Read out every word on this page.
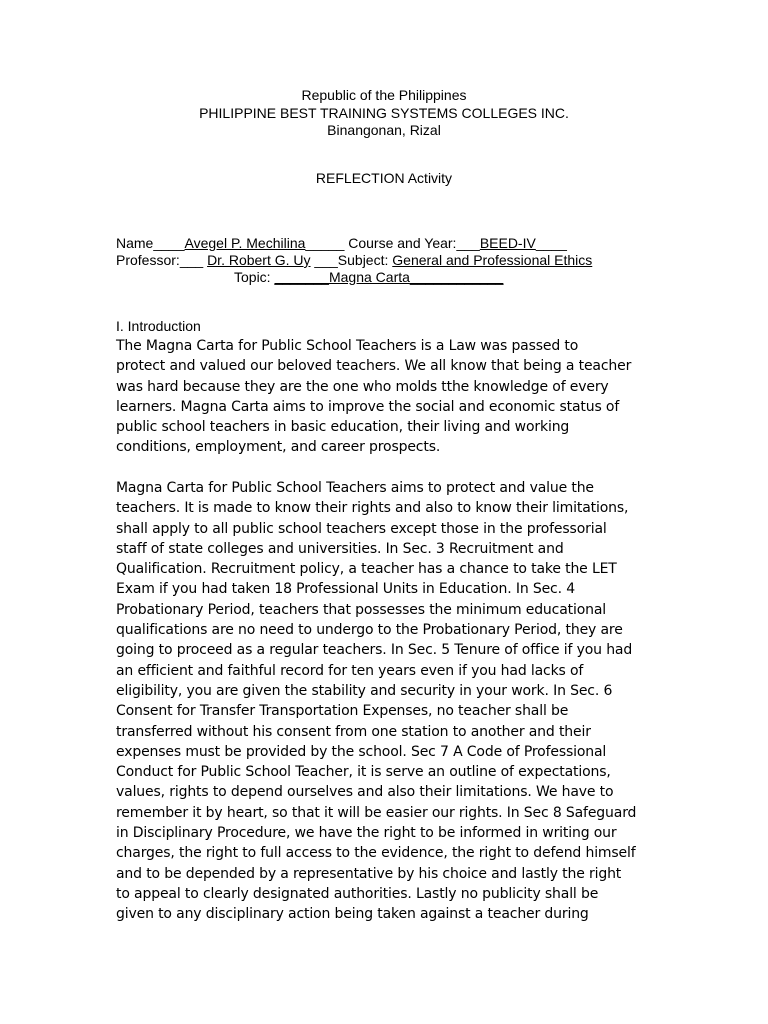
Republic of the Philippines
PHILIPPINE BEST TRAINING SYSTEMS COLLEGES INC.
Binangonan, Rizal
REFLECTION Activity
Name____Avegel P. Mechilina_____ Course and Year:___BEED-IV____
Professor:___ Dr. Robert G. Uy ___Subject: General and Professional Ethics
Topic: _______Magna Carta____________
I. Introduction
The Magna Carta for Public School Teachers is a Law was passed to
protect and valued our beloved teachers. We all know that being a teacher
was hard because they are the one who molds tthe knowledge of every
learners. Magna Carta aims to improve the social and economic status of
public school teachers in basic education, their living and working
conditions, employment, and career prospects.
Magna Carta for Public School Teachers aims to protect and value the
teachers. It is made to know their rights and also to know their limitations,
shall apply to all public school teachers except those in the professorial
staff of state colleges and universities. In Sec. 3 Recruitment and
Qualification. Recruitment policy, a teacher has a chance to take the LET
Exam if you had taken 18 Professional Units in Education. In Sec. 4
Probationary Period, teachers that possesses the minimum educational
qualifications are no need to undergo to the Probationary Period, they are
going to proceed as a regular teachers. In Sec. 5 Tenure of office if you had
an efficient and faithful record for ten years even if you had lacks of
eligibility, you are given the stability and security in your work. In Sec. 6
Consent for Transfer Transportation Expenses, no teacher shall be
transferred without his consent from one station to another and their
expenses must be provided by the school. Sec 7 A Code of Professional
Conduct for Public School Teacher, it is serve an outline of expectations,
values, rights to depend ourselves and also their limitations. We have to
remember it by heart, so that it will be easier our rights. In Sec 8 Safeguard
in Disciplinary Procedure, we have the right to be informed in writing our
charges, the right to full access to the evidence, the right to defend himself
and to be depended by a representative by his choice and lastly the right
to appeal to clearly designated authorities. Lastly no publicity shall be
given to any disciplinary action being taken against a teacher during
